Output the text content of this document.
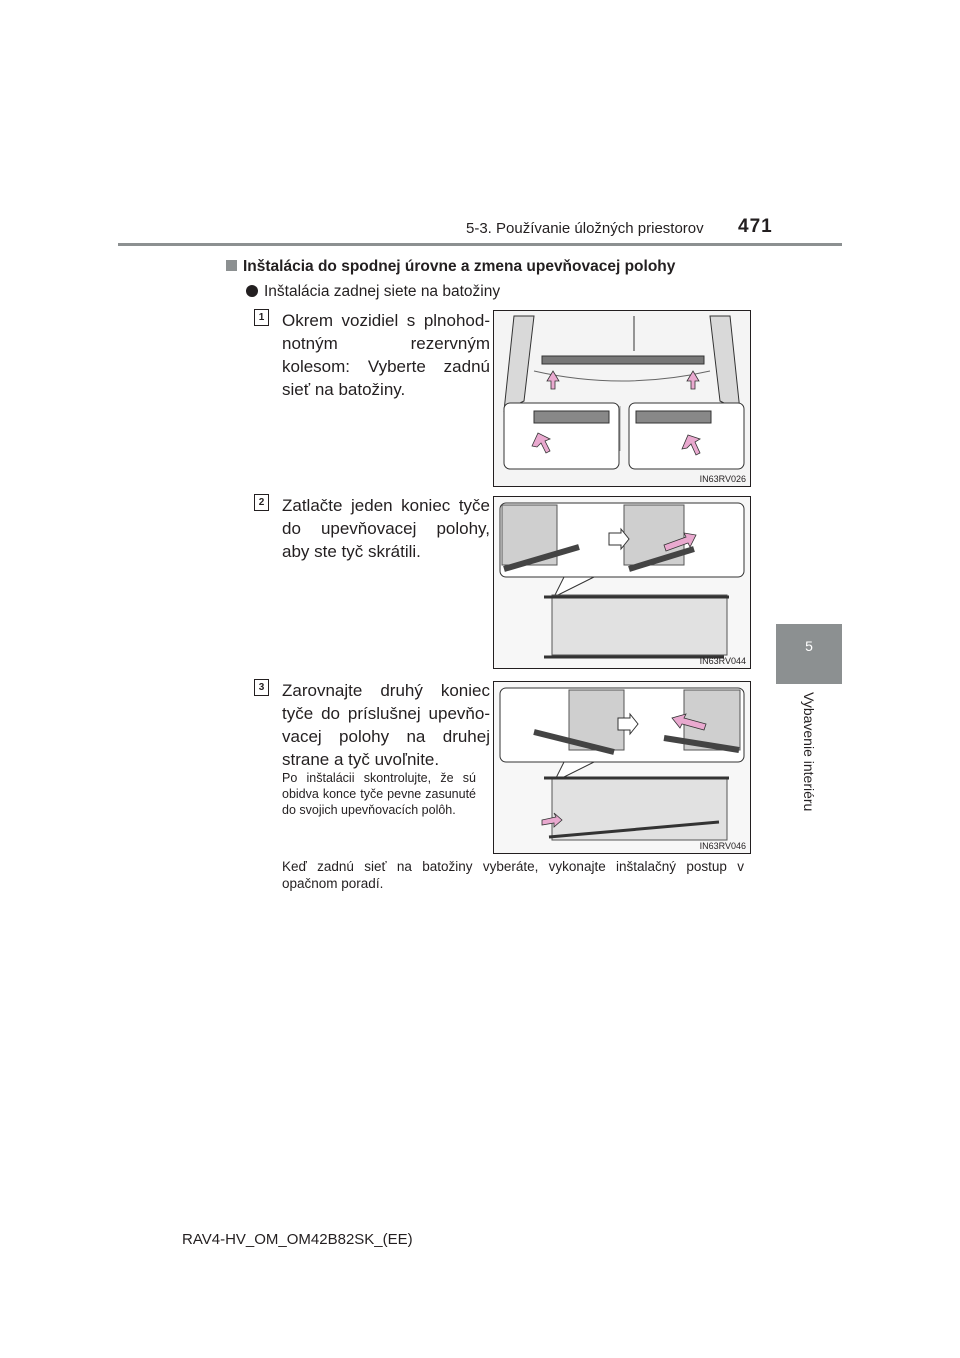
5-3. Používanie úložných priestorov 471
5
Vybavenie interiéru
Inštalácia do spodnej úrovne a zmena upevňovacej polohy
Inštalácia zadnej siete na batožiny
1 Okrem vozidiel s plnohodnotným rezervným kolesom: Vyberte zadnú sieť na batožiny.
IN63RV026
2 Zatlačte jeden koniec tyče do upevňovacej polohy, aby ste tyč skrátili.
IN63RV044
3 Zarovnajte druhý koniec tyče do príslušnej upevňovacej polohy na druhej strane a tyč uvoľnite.
Po inštalácii skontrolujte, že sú obidva konce tyče pevne zasunuté do svojich upevňovacích polôh.
IN63RV046
Keď zadnú sieť na batožiny vyberáte, vykonajte inštalačný postup v opačnom poradí.
RAV4-HV_OM_OM42B82SK_(EE)
